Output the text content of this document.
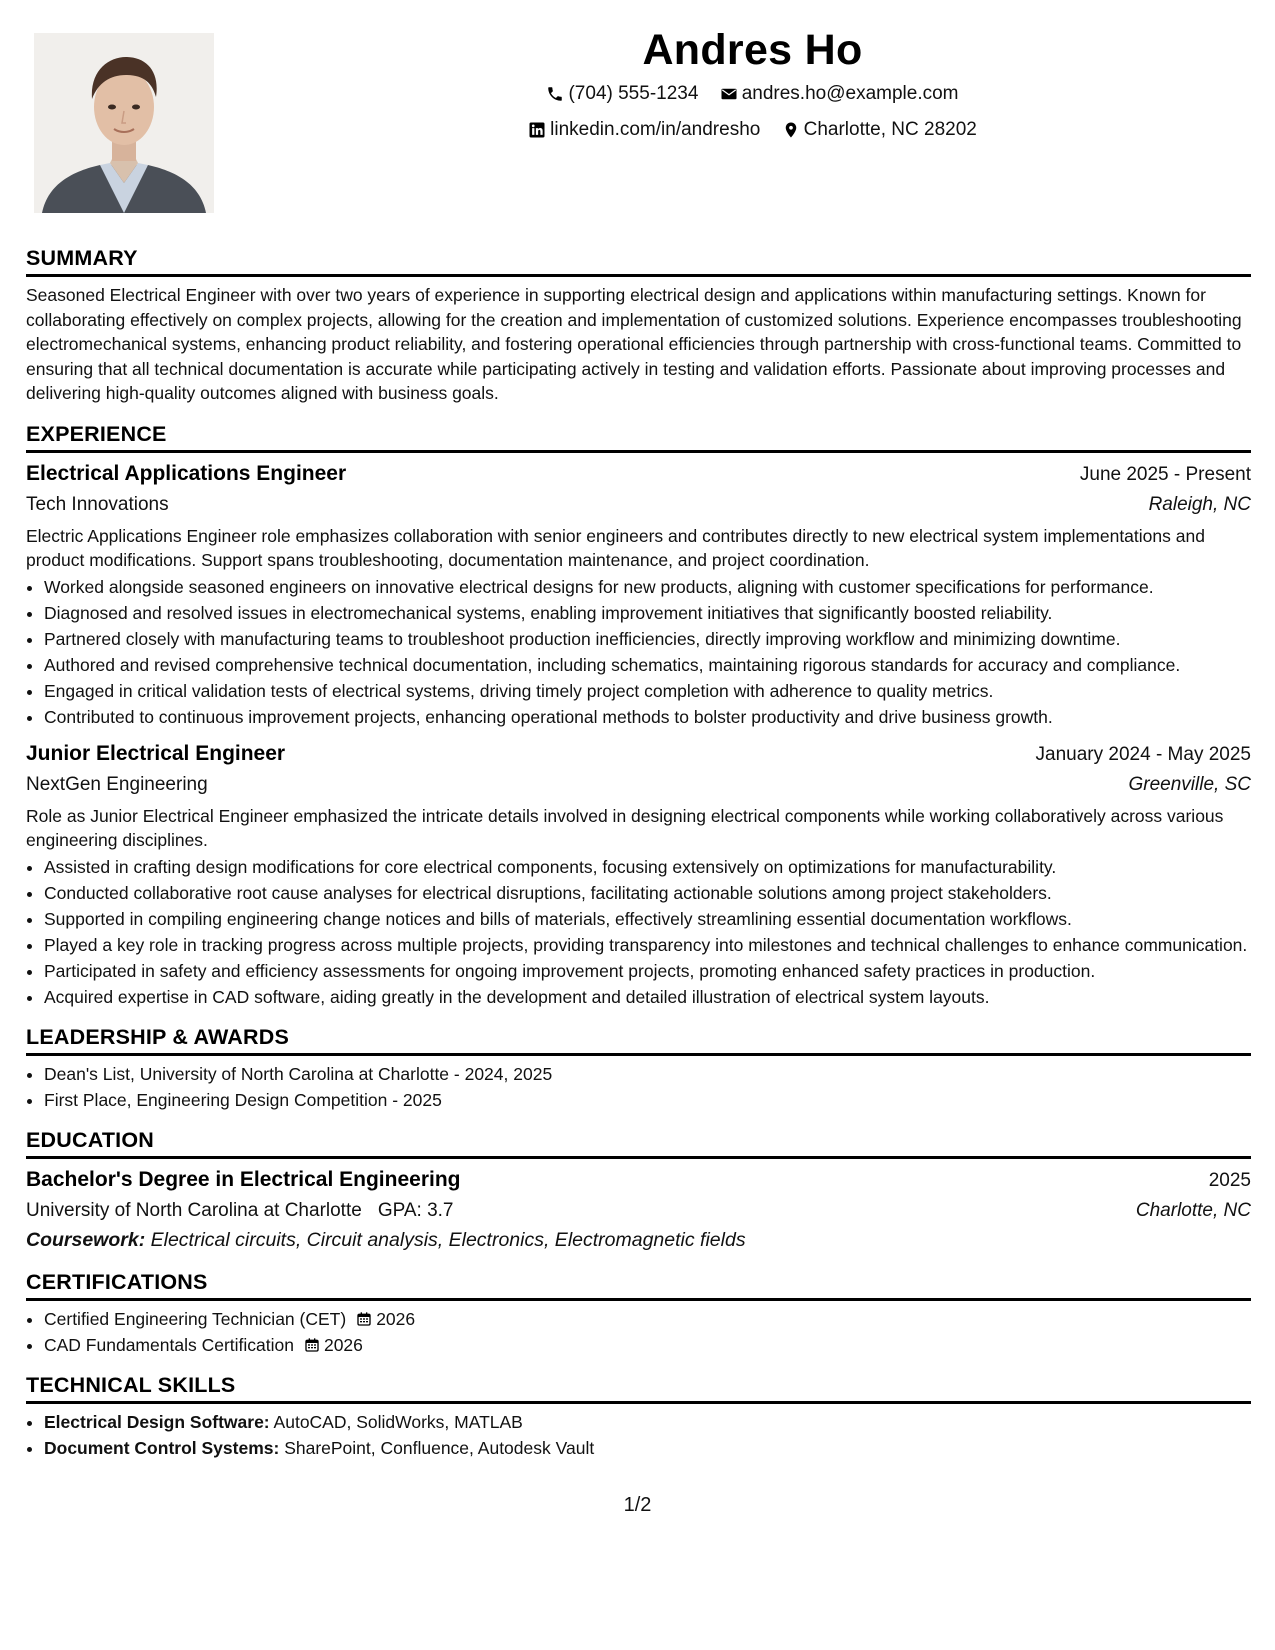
Andres Ho
(704) 555-1234
andres.ho@example.com
linkedin.com/in/andresho
Charlotte, NC 28202
SUMMARY
Seasoned Electrical Engineer with over two years of experience in supporting electrical design and applications within manufacturing settings. Known for collaborating effectively on complex projects, allowing for the creation and implementation of customized solutions. Experience encompasses troubleshooting electromechanical systems, enhancing product reliability, and fostering operational efficiencies through partnership with cross-functional teams. Committed to ensuring that all technical documentation is accurate while participating actively in testing and validation efforts. Passionate about improving processes and delivering high-quality outcomes aligned with business goals.
EXPERIENCE
Electrical Applications Engineer	June 2025 - Present
Tech Innovations	Raleigh, NC
Electric Applications Engineer role emphasizes collaboration with senior engineers and contributes directly to new electrical system implementations and product modifications. Support spans troubleshooting, documentation maintenance, and project coordination.
• Worked alongside seasoned engineers on innovative electrical designs for new products, aligning with customer specifications for performance.
• Diagnosed and resolved issues in electromechanical systems, enabling improvement initiatives that significantly boosted reliability.
• Partnered closely with manufacturing teams to troubleshoot production inefficiencies, directly improving workflow and minimizing downtime.
• Authored and revised comprehensive technical documentation, including schematics, maintaining rigorous standards for accuracy and compliance.
• Engaged in critical validation tests of electrical systems, driving timely project completion with adherence to quality metrics.
• Contributed to continuous improvement projects, enhancing operational methods to bolster productivity and drive business growth.
Junior Electrical Engineer	January 2024 - May 2025
NextGen Engineering	Greenville, SC
Role as Junior Electrical Engineer emphasized the intricate details involved in designing electrical components while working collaboratively across various engineering disciplines.
• Assisted in crafting design modifications for core electrical components, focusing extensively on optimizations for manufacturability.
• Conducted collaborative root cause analyses for electrical disruptions, facilitating actionable solutions among project stakeholders.
• Supported in compiling engineering change notices and bills of materials, effectively streamlining essential documentation workflows.
• Played a key role in tracking progress across multiple projects, providing transparency into milestones and technical challenges to enhance communication.
• Participated in safety and efficiency assessments for ongoing improvement projects, promoting enhanced safety practices in production.
• Acquired expertise in CAD software, aiding greatly in the development and detailed illustration of electrical system layouts.
LEADERSHIP & AWARDS
• Dean's List, University of North Carolina at Charlotte - 2024, 2025
• First Place, Engineering Design Competition - 2025
EDUCATION
Bachelor's Degree in Electrical Engineering	2025
University of North Carolina at Charlotte GPA: 3.7	Charlotte, NC
Coursework: Electrical circuits, Circuit analysis, Electronics, Electromagnetic fields
CERTIFICATIONS
• Certified Engineering Technician (CET) 2026
• CAD Fundamentals Certification 2026
TECHNICAL SKILLS
• Electrical Design Software: AutoCAD, SolidWorks, MATLAB
• Document Control Systems: SharePoint, Confluence, Autodesk Vault
1/2
